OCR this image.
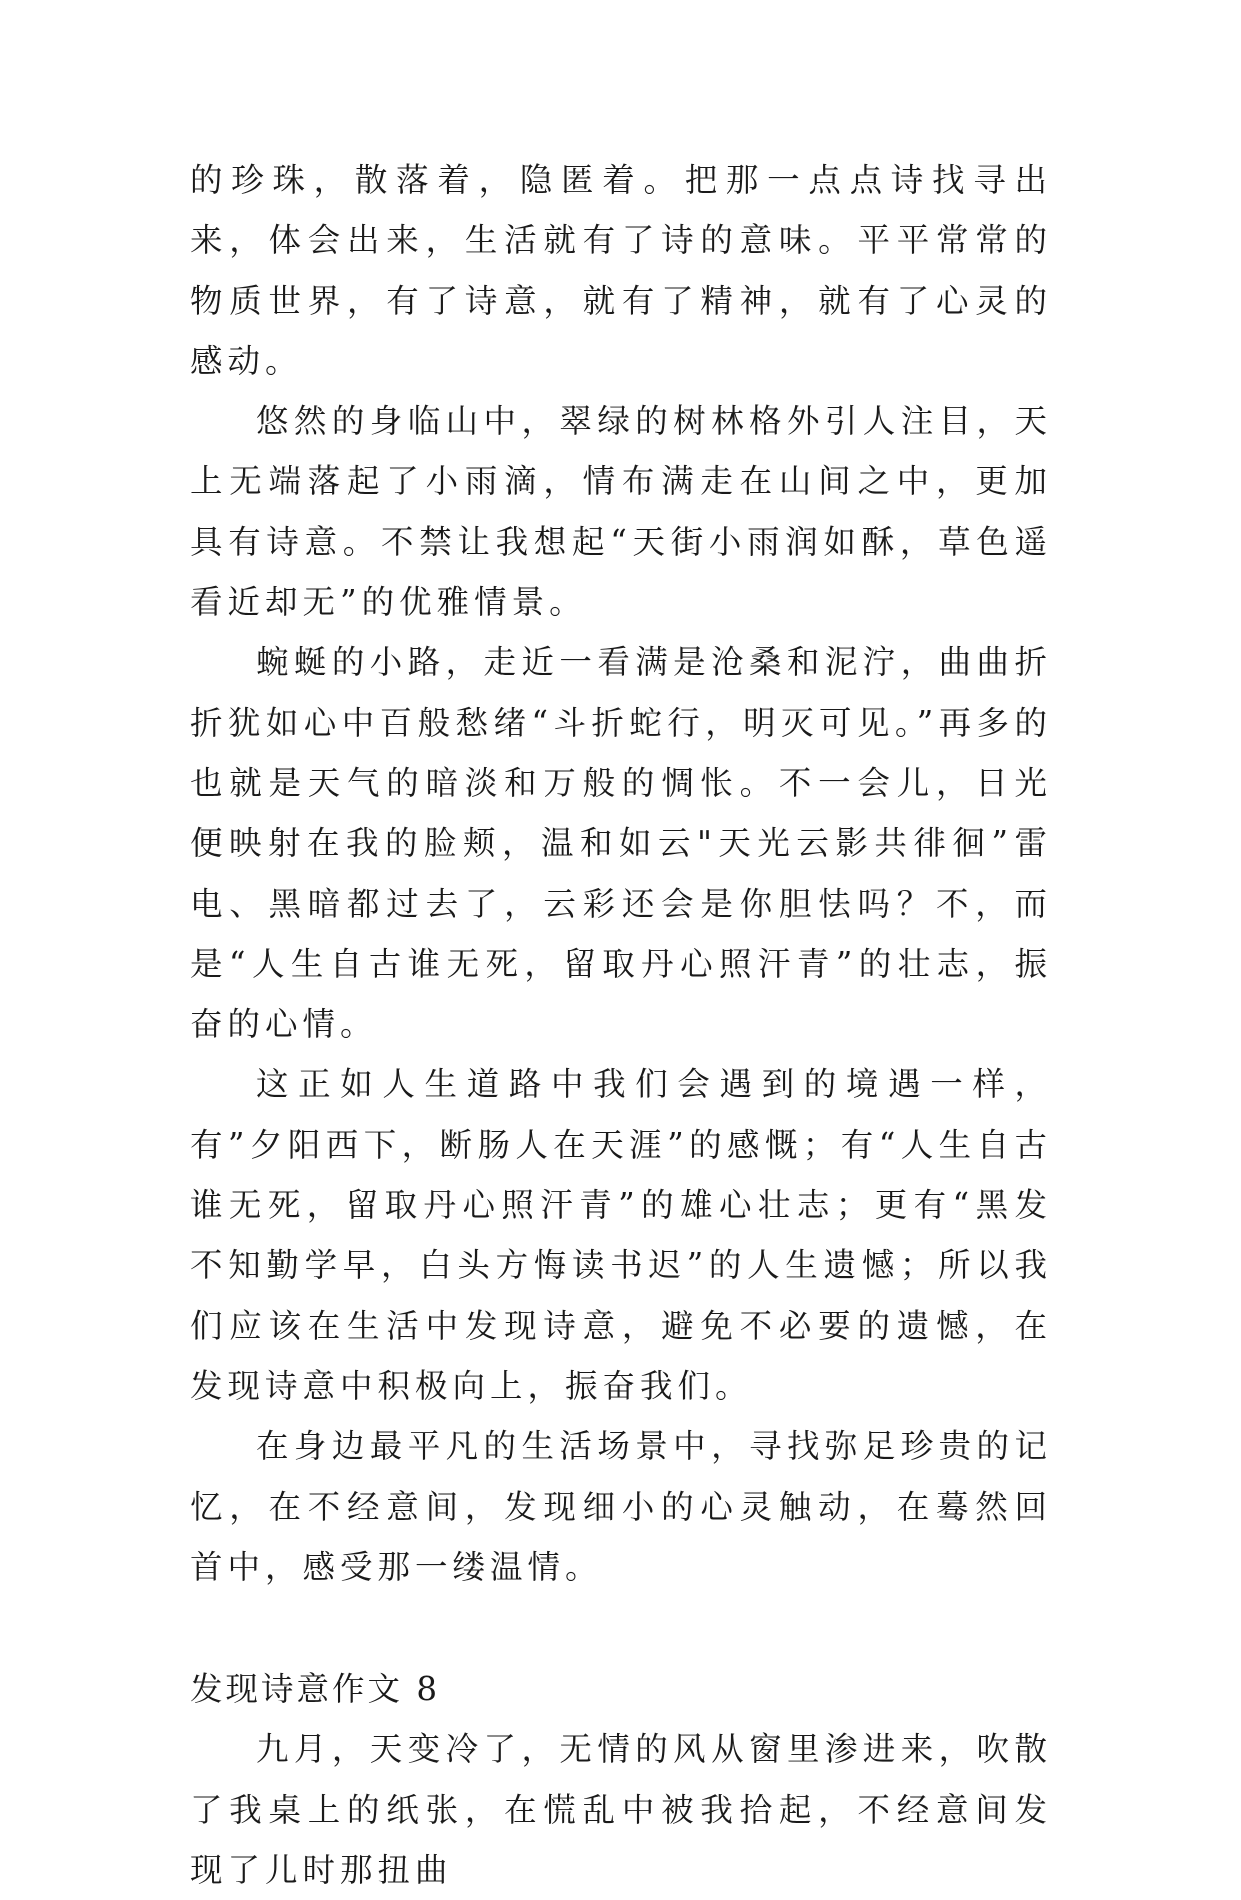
的珍珠，散落着，隐匿着。把那一点点诗找寻出来，体会出来，生活就有了诗的意味。平平常常的物质世界，有了诗意，就有了精神，就有了心灵的感动。

悠然的身临山中，翠绿的树林格外引人注目，天上无端落起了小雨滴，情布满走在山间之中，更加具有诗意。不禁让我想起“天街小雨润如酥，草色遥看近却无”的优雅情景。

蜿蜒的小路，走近一看满是沧桑和泥泞，曲曲折折犹如心中百般愁绪“斗折蛇行，明灭可见。”再多的也就是天气的暗淡和万般的惆怅。不一会儿，日光便映射在我的脸颊，温和如云"天光云影共徘徊”雷电、黑暗都过去了，云彩还会是你胆怯吗？不，而是“人生自古谁无死，留取丹心照汗青”的壮志，振奋的心情。

这正如人生道路中我们会遇到的境遇一样，有”夕阳西下，断肠人在天涯”的感慨；有“人生自古谁无死，留取丹心照汗青”的雄心壮志；更有“黑发不知勤学早，白头方悔读书迟”的人生遗憾；所以我们应该在生活中发现诗意，避免不必要的遗憾，在发现诗意中积极向上，振奋我们。

在身边最平凡的生活场景中，寻找弥足珍贵的记忆，在不经意间，发现细小的心灵触动，在蓦然回首中，感受那一缕温情。

发现诗意作文 8

九月，天变冷了，无情的风从窗里渗进来，吹散了我桌上的纸张，在慌乱中被我拾起，不经意间发现了儿时那扭曲
